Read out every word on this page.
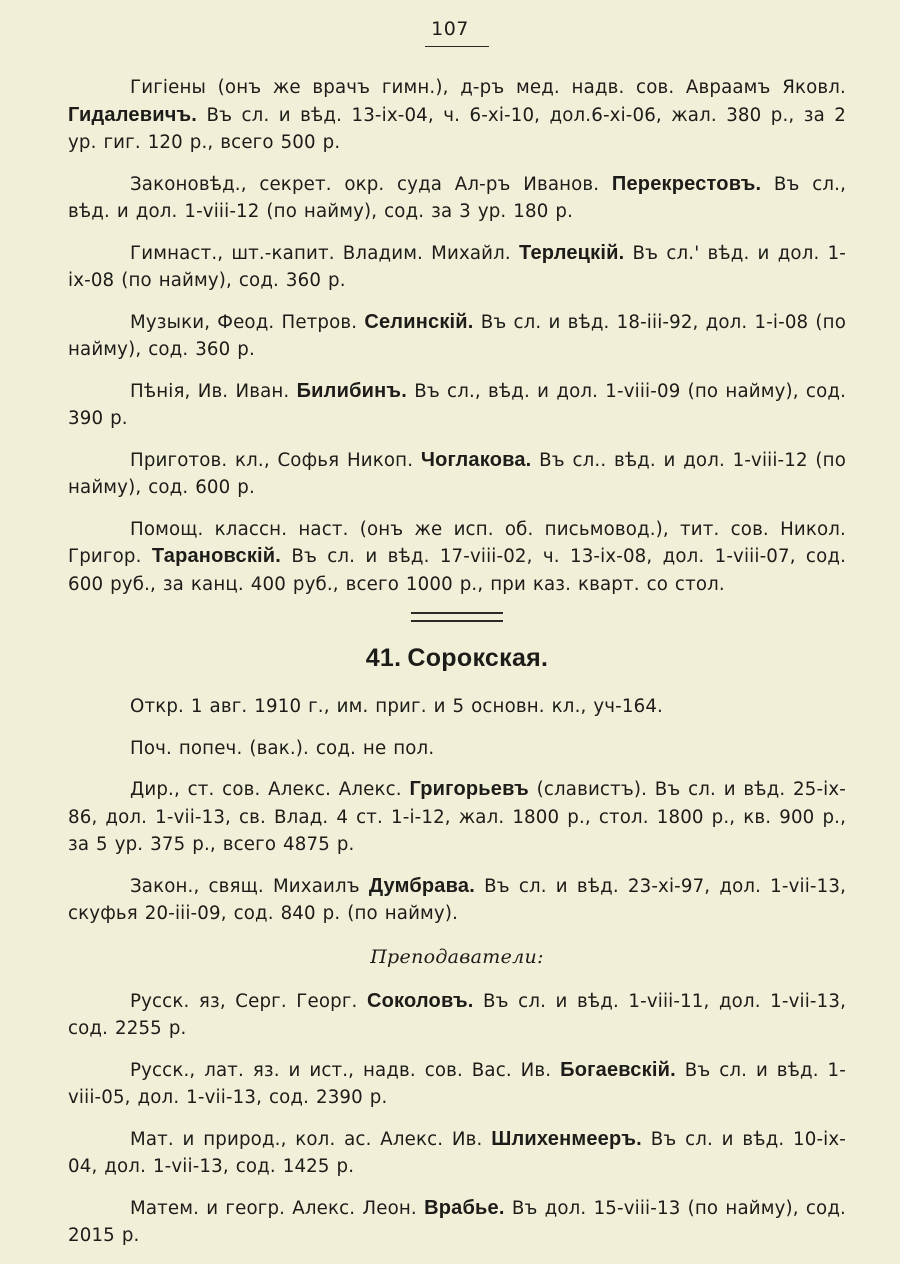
107

Гигіены (онъ же врачъ гимн.), д-ръ мед. надв. сов. Авраамъ Яковл. Гидалевичъ. Въ сл. и вѣд. 13-ix-04, ч. 6-xi-10, дол.6-xi-06, жал. 380 р., за 2 ур. гиг. 120 р., всего 500 р.

Законовѣд., секрет. окр. суда Ал-ръ Иванов. Перекрестовъ. Въ сл., вѣд. и дол. 1-viii-12 (по найму), сод. за 3 ур. 180 р.

Гимнаст., шт.-капит. Владим. Михайл. Терлецкій. Въ сл.' вѣд. и дол. 1-ix-08 (по найму), сод. 360 р.

Музыки, Феод. Петров. Селинскій. Въ сл. и вѣд. 18-iii-92, дол. 1-i-08 (по найму), сод. 360 р.

Пѣнія, Ив. Иван. Билибинъ. Въ сл., вѣд. и дол. 1-viii-09 (по найму), сод. 390 р.

Приготов. кл., Софья Никоп. Чоглакова. Въ сл.. вѣд. и дол. 1-viii-12 (по найму), сод. 600 р.

Помощ. классн. наст. (онъ же исп. об. письмовод.), тит. сов. Никол. Григор. Тарановскій. Въ сл. и вѣд. 17-viii-02, ч. 13-ix-08, дол. 1-viii-07, сод. 600 руб., за канц. 400 руб., всего 1000 р., при каз. кварт. со стол.

41. Сорокская.

Откр. 1 авг. 1910 г., им. приг. и 5 основн. кл., уч-164.

Поч. попеч. (вак.). сод. не пол.

Дир., ст. сов. Алекс. Алекс. Григорьевъ (славистъ). Въ сл. и вѣд. 25-ix-86, дол. 1-vii-13, св. Влад. 4 ст. 1-i-12, жал. 1800 р., стол. 1800 р., кв. 900 р., за 5 ур. 375 р., всего 4875 р.

Закон., свящ. Михаилъ Думбрава. Въ сл. и вѣд. 23-xi-97, дол. 1-vii-13, скуфья 20-iii-09, сод. 840 р. (по найму).

Преподаватели:

Русск. яз, Серг. Георг. Соколовъ. Въ сл. и вѣд. 1-viii-11, дол. 1-vii-13, сод. 2255 р.

Русск., лат. яз. и ист., надв. сов. Вас. Ив. Богаевскій. Въ сл. и вѣд. 1-viii-05, дол. 1-vii-13, сод. 2390 р.

Мат. и природ., кол. ас. Алекс. Ив. Шлихенмееръ. Въ сл. и вѣд. 10-ix-04, дол. 1-vii-13, сод. 1425 р.

Матем. и геогр. Алекс. Леон. Врабье. Въ дол. 15-viii-13 (по найму), сод. 2015 р.
